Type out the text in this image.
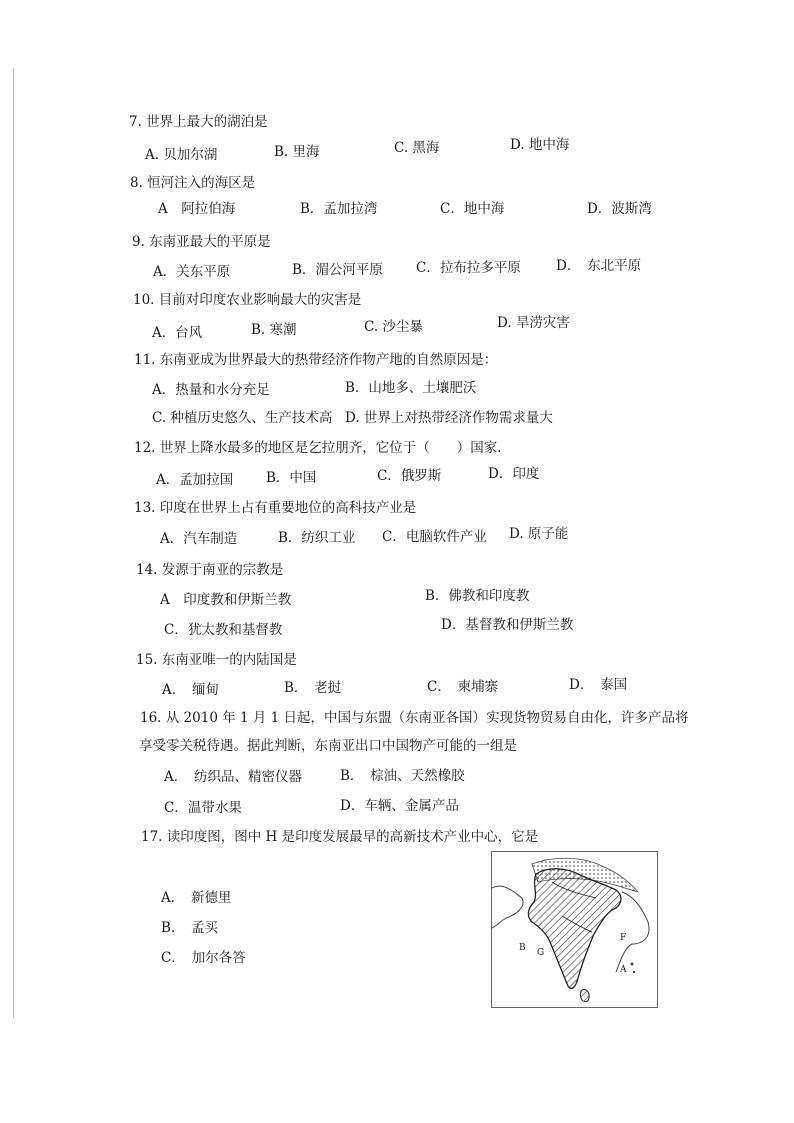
7. 世界上最大的湖泊是
A. 贝加尔湖	B. 里海	C. 黑海	D. 地中海
8. 恒河注入的海区是
A　阿拉伯海	B．孟加拉湾	C．地中海	D．波斯湾
9. 东南亚最大的平原是
A．关东平原	B．湄公河平原 C．拉布拉多平原	D．　东北平原
10. 目前对印度农业影响最大的灾害是
A．台风	B. 寒潮	C. 沙尘暴	D. 旱涝灾害
11. 东南亚成为世界最大的热带经济作物产地的自然原因是：
A．热量和水分充足	B．山地多、土壤肥沃
C. 种植历史悠久、生产技术高 D. 世界上对热带经济作物需求量大
12. 世界上降水最多的地区是乞拉朋齐，它位于（　　）国家.
A．孟加拉国 B．中国	C．俄罗斯	D．印度
13. 印度在世界上占有重要地位的高科技产业是
A．汽车制造	B．纺织工业 C．电脑软件产业 D. 原子能
14. 发源于南亚的宗教是
A　印度教和伊斯兰教	B．佛教和印度教
C．犹太教和基督教	D．基督教和伊斯兰教
15. 东南亚唯一的内陆国是
A．　缅甸	B．　老挝	C．　柬埔寨	D．　泰国
16. 从 2010 年 1 月 1 日起，中国与东盟（东南亚各国）实现货物贸易自由化，许多产品将
享受零关税待遇。据此判断，东南亚出口中国物产可能的一组是
A．　纺织品、精密仪器	B．　棕油、天然橡胶
C．温带水果	D．车辆、金属产品
17. 读印度图，图中 H 是印度发展最早的高新技术产业中心，它是
A．　新德里
B．　孟买
C．　加尔各答
B G
F
A
